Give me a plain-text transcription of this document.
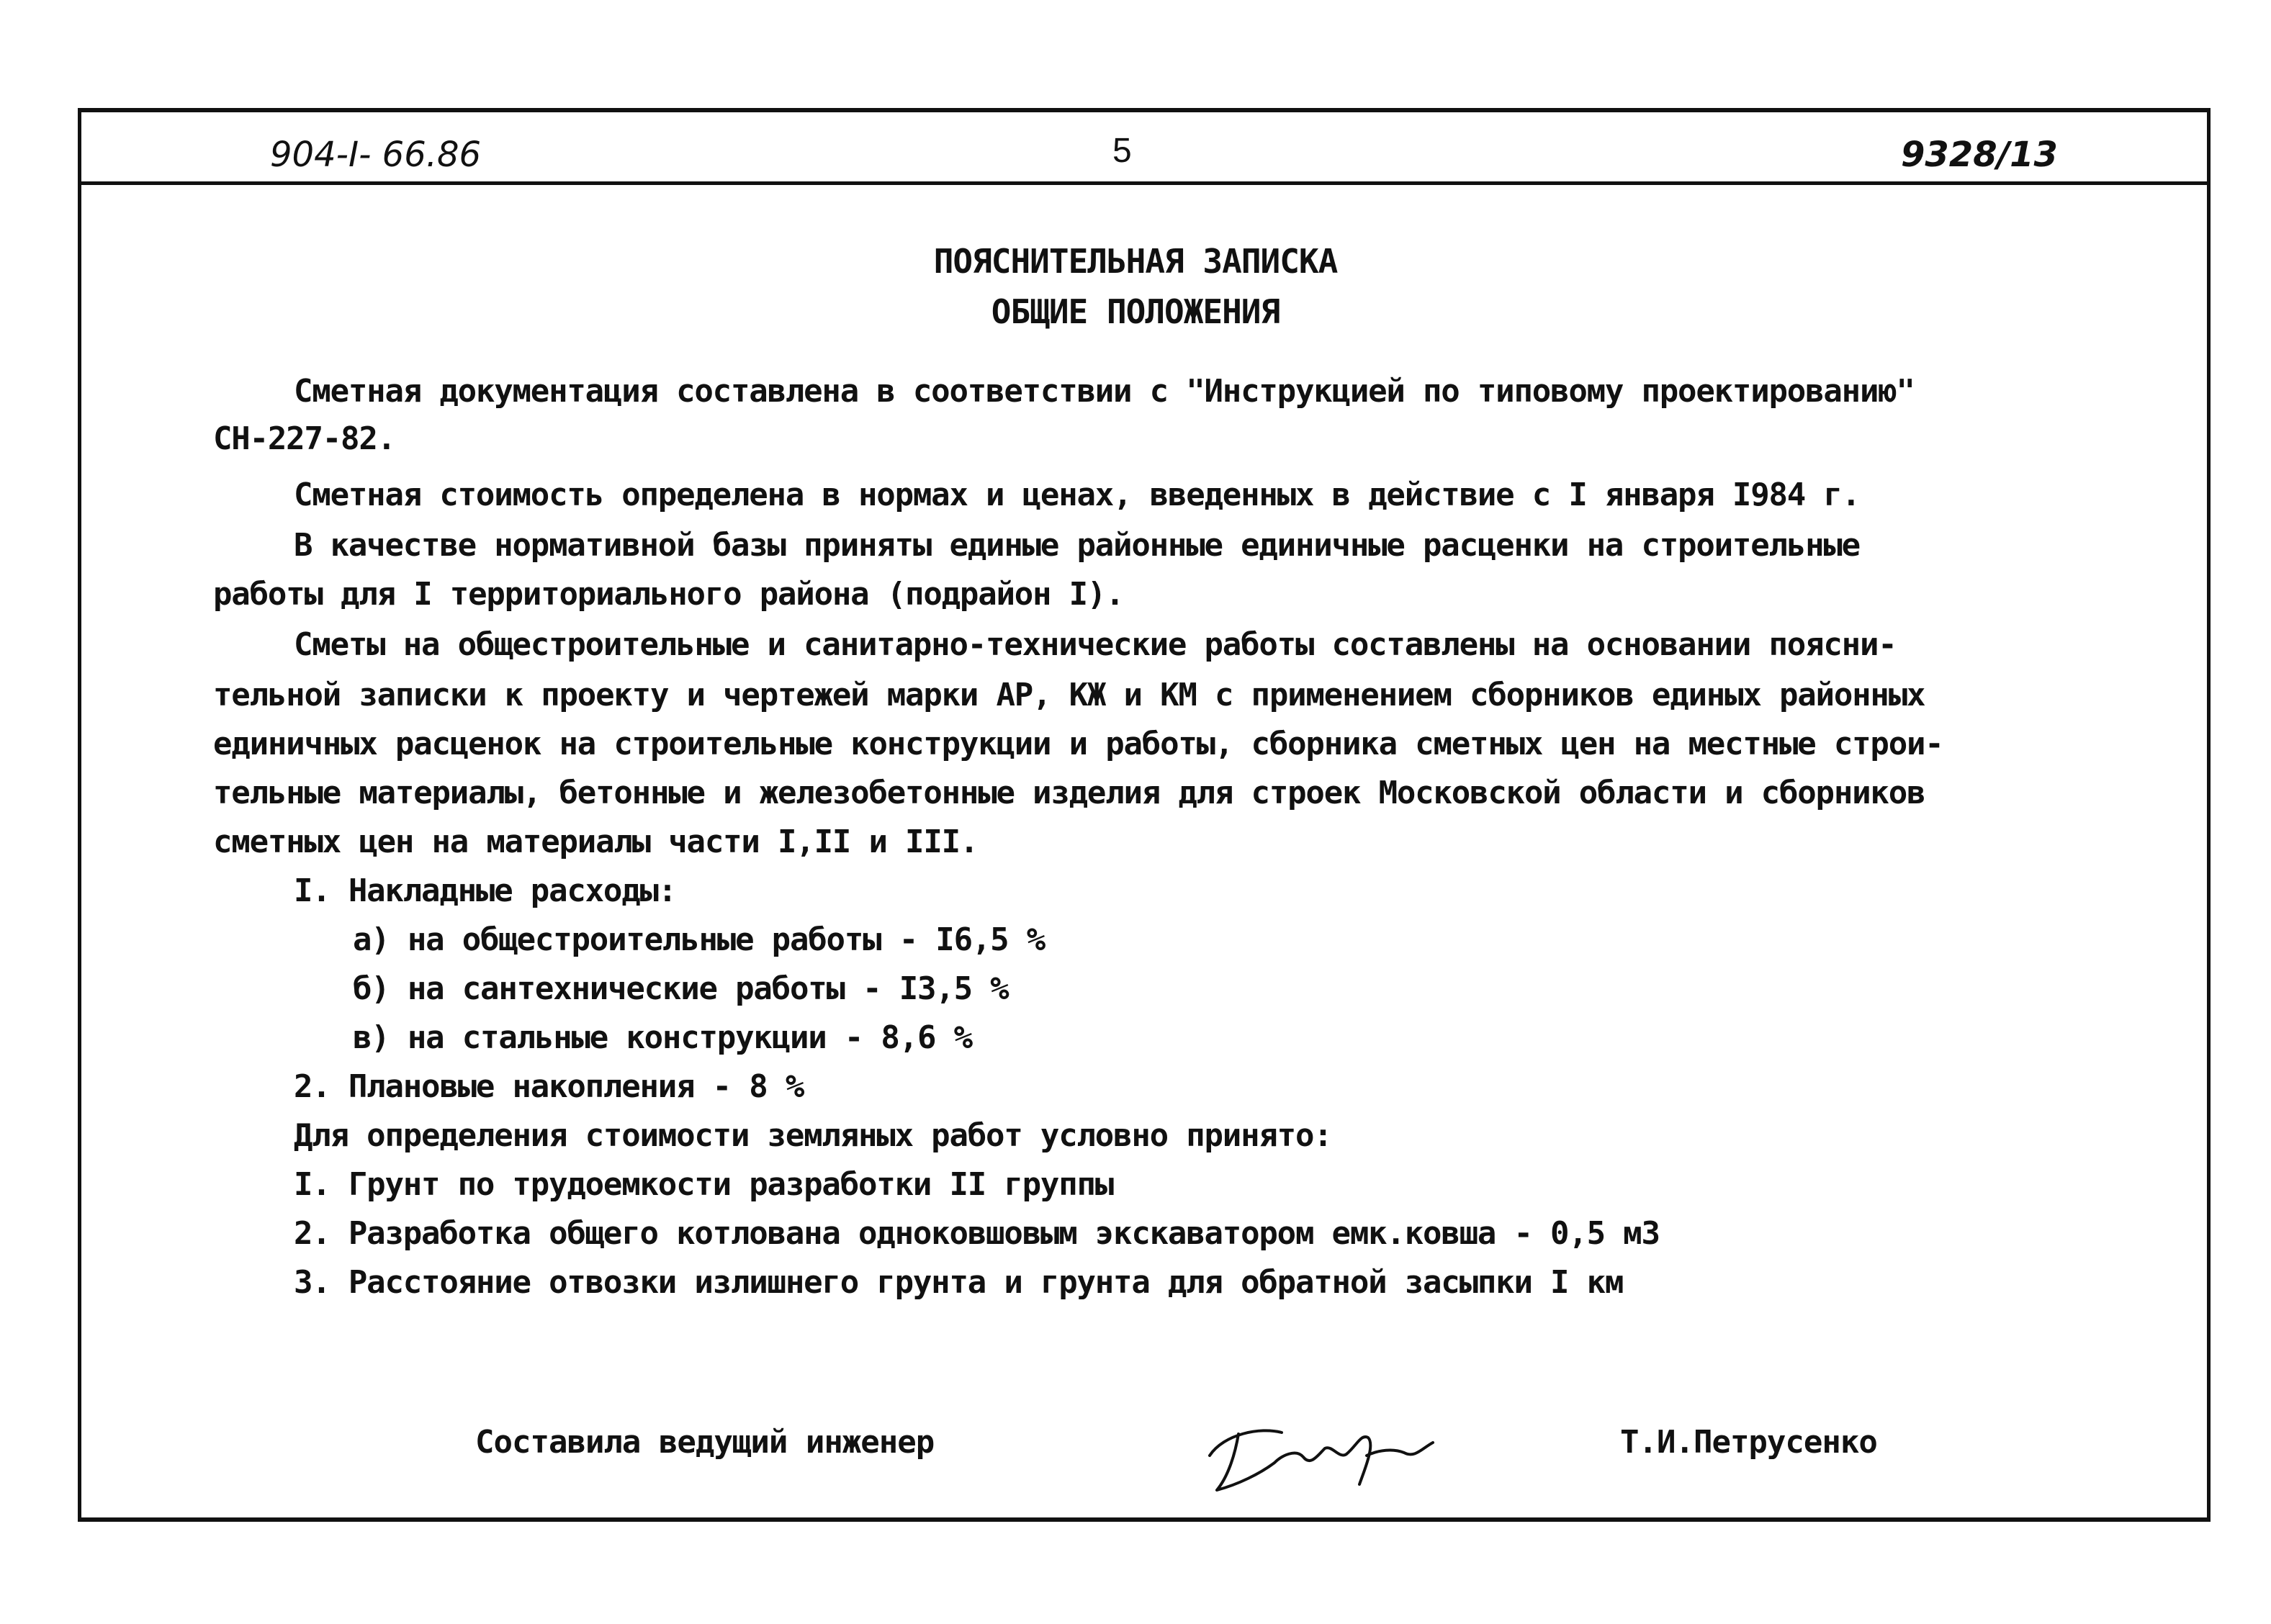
904-I- 66.86	5	9328/13
ПОЯСНИТЕЛЬНАЯ ЗАПИСКА
ОБЩИЕ ПОЛОЖЕНИЯ
Сметная документация составлена в соответствии с "Инструкцией по типовому проектированию"
СН-227-82.
Сметная стоимость определена в нормах и ценах, введенных в действие с I января I984 г.
В качестве нормативной базы приняты единые районные единичные расценки на строительные
работы для I территориального района (подрайон I).
Сметы на общестроительные и санитарно-технические работы составлены на основании поясни-
тельной записки к проекту и чертежей марки АР, КЖ и КМ с применением сборников единых районных
единичных расценок на строительные конструкции и работы, сборника сметных цен на местные строи-
тельные материалы, бетонные и железобетонные изделия для строек Московской области и сборников
сметных цен на материалы части I,II и III.
I. Накладные расходы:
а) на общестроительные работы - I6,5 %
б) на сантехнические работы - I3,5 %
в) на стальные конструкции - 8,6 %
2. Плановые накопления - 8 %
Для определения стоимости земляных работ условно принято:
I. Грунт по трудоемкости разработки II группы
2. Разработка общего котлована одноковшовым экскаватором емк.ковша - 0,5 м3
3. Расстояние отвозки излишнего грунта и грунта для обратной засыпки I км
Составила ведущий инженер	Т.И.Петрусенко
